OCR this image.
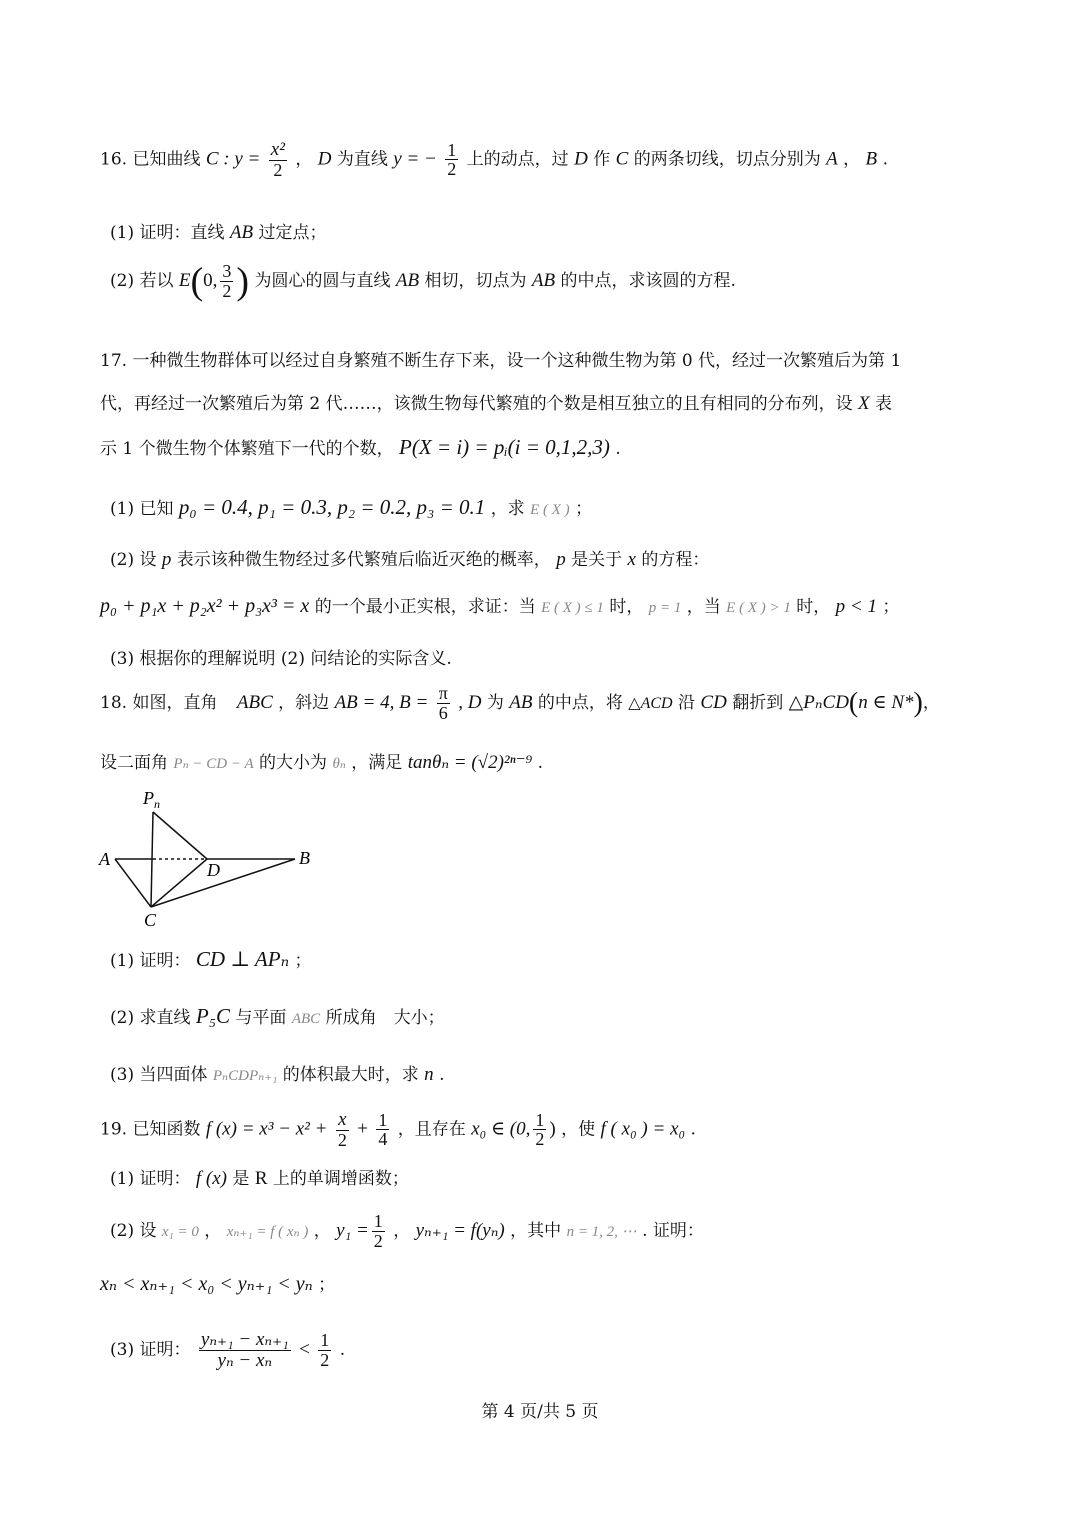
16. 已知曲线 C : $y = \frac{\text{x²}}{2}$ ， D 为直线 y = − $\frac{1}{2}$ 上的动点，过 D 作 C 的两条切线，切点分别为 A ， B .
(1) 证明：直线 AB 过定点；
(2) 若以 E(0, $\frac{3}{2}$ ) 为圆心的圆与直线 AB 相切，切点为 AB 的中点，求该圆的方程.
17. 一种微生物群体可以经过自身繁殖不断生存下来，设一个这种微生物为第 0 代，经过一次繁殖后为第 1
代，再经过一次繁殖后为第 2 代……，该微生物每代繁殖的个数是相互独立的且有相同的分布列，设 X 表
示 1 个微生物个体繁殖下一代的个数， P(X = i) = pᵢ(i = 0,1,2,3) .
(1) 已知 p₀ = 0.4, p₁ = 0.3, p₂ = 0.2, p₃ = 0.1 ，求 E ( X ) ；
(2) 设 p 表示该种微生物经过多代繁殖后临近灭绝的概率， p 是关于 x 的方程：
p₀ + p₁x + p₂x² + p₃x³ = x 的一个最小正实根，求证：当 E ( X ) ≤ 1 时， p = 1 ，当 E ( X ) > 1 时， p < 1 ；
(3) 根据你的理解说明 (2) 问结论的实际含义.
18. 如图，直角 ABC ，斜边 AB = 4, $B = \frac{\pi}{6}$ , D 为 AB 的中点，将 △ACD 沿 CD 翻折到 △PₙCD(n ∈ N*)，
设二面角 Pₙ − CD − A 的大小为 θₙ ，满足 tanθₙ = (√2)²ⁿ⁻⁹ .
$P_n$
A
D
B
C
(1) 证明： CD ⊥ APₙ ；
(2) 求直线 P₅C 与平面 ABC 所成角　大小；
(3) 当四面体 PₙCDPₙ₊₁ 的体积最大时，求 n .
19. 已知函数 f $(x) = x^3 - x^2 + \frac{x}{2} + \frac{1}{4}$ ，且存在 x₀ ∈ (0, $\frac{1}{2}$ ) ，使 f ( x₀ ) = x₀ .
(1) 证明： f (x) 是 R 上的单调增函数；
(2) 设 x₁ = 0 ， xₙ₊₁ = f ( xₙ ) ， $y_1 = \frac{1}{2}$ ， yₙ₊₁ = f(yₙ) ，其中 n = 1, 2, ⋯ . 证明：
xₙ < xₙ₊₁ < x₀ < yₙ₊₁ < yₙ ；
(3) 证明： $\frac{\text{yₙ₊₁ − xₙ₊₁}}{\text{yₙ − xₙ}} < \frac{1}{2}$ .
第 4 页/共 5 页
